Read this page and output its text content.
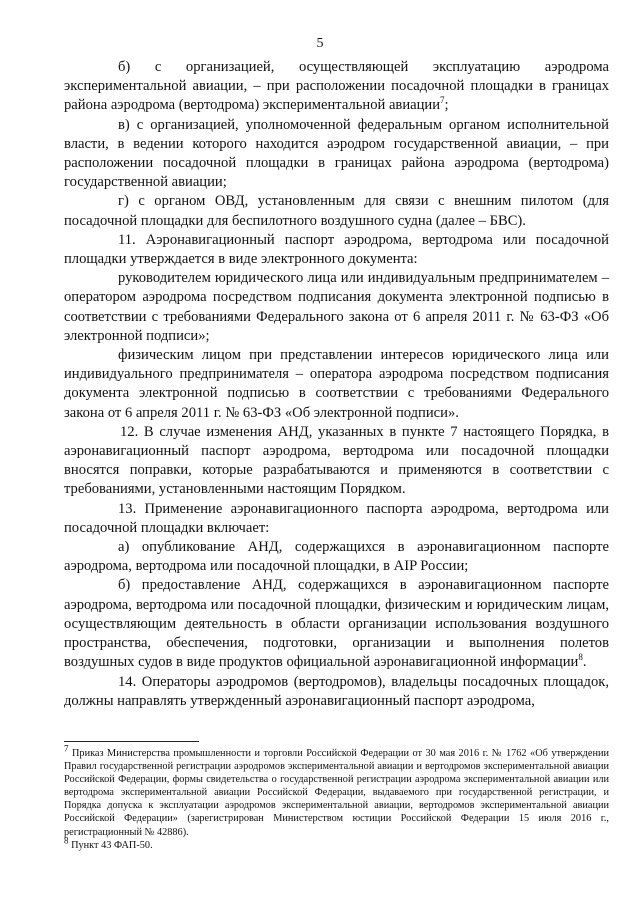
5

б) с организацией, осуществляющей эксплуатацию аэродрома экспериментальной авиации, – при расположении посадочной площадки в границах района аэродрома (вертодрома) экспериментальной авиации$^7$;

в) с организацией, уполномоченной федеральным органом исполнительной власти, в ведении которого находится аэродром государственной авиации, – при расположении посадочной площадки в границах района аэродрома (вертодрома) государственной авиации;

г) с органом ОВД, установленным для связи с внешним пилотом (для посадочной площадки для беспилотного воздушного судна (далее – БВС).

11. Аэронавигационный паспорт аэродрома, вертодрома или посадочной площадки утверждается в виде электронного документа:

руководителем юридического лица или индивидуальным предпринимателем – оператором аэродрома посредством подписания документа электронной подписью в соответствии с требованиями Федерального закона от 6 апреля 2011 г. № 63-ФЗ «Об электронной подписи»;

физическим лицом при представлении интересов юридического лица или индивидуального предпринимателя – оператора аэродрома посредством подписания документа электронной подписью в соответствии с требованиями Федерального закона от 6 апреля 2011 г. № 63-ФЗ «Об электронной подписи».

12. В случае изменения АНД, указанных в пункте 7 настоящего Порядка, в аэронавигационный паспорт аэродрома, вертодрома или посадочной площадки вносятся поправки, которые разрабатываются и применяются в соответствии с требованиями, установленными настоящим Порядком.

13. Применение аэронавигационного паспорта аэродрома, вертодрома или посадочной площадки включает:

а) опубликование АНД, содержащихся в аэронавигационном паспорте аэродрома, вертодрома или посадочной площадки, в AIP России;

б) предоставление АНД, содержащихся в аэронавигационном паспорте аэродрома, вертодрома или посадочной площадки, физическим и юридическим лицам, осуществляющим деятельность в области организации использования воздушного пространства, обеспечения, подготовки, организации и выполнения полетов воздушных судов в виде продуктов официальной аэронавигационной информации$^8$.

14. Операторы аэродромов (вертодромов), владельцы посадочных площадок, должны направлять утвержденный аэронавигационный паспорт аэродрома,

$^7$ Приказ Министерства промышленности и торговли Российской Федерации от 30 мая 2016 г. № 1762 «Об утверждении Правил государственной регистрации аэродромов экспериментальной авиации и вертодромов экспериментальной авиации Российской Федерации, формы свидетельства о государственной регистрации аэродрома экспериментальной авиации или вертодрома экспериментальной авиации Российской Федерации, выдаваемого при государственной регистрации, и Порядка допуска к эксплуатации аэродромов экспериментальной авиации, вертодромов экспериментальной авиации Российской Федерации» (зарегистрирован Министерством юстиции Российской Федерации 15 июля 2016 г., регистрационный № 42886).

$^8$ Пункт 43 ФАП-50.
